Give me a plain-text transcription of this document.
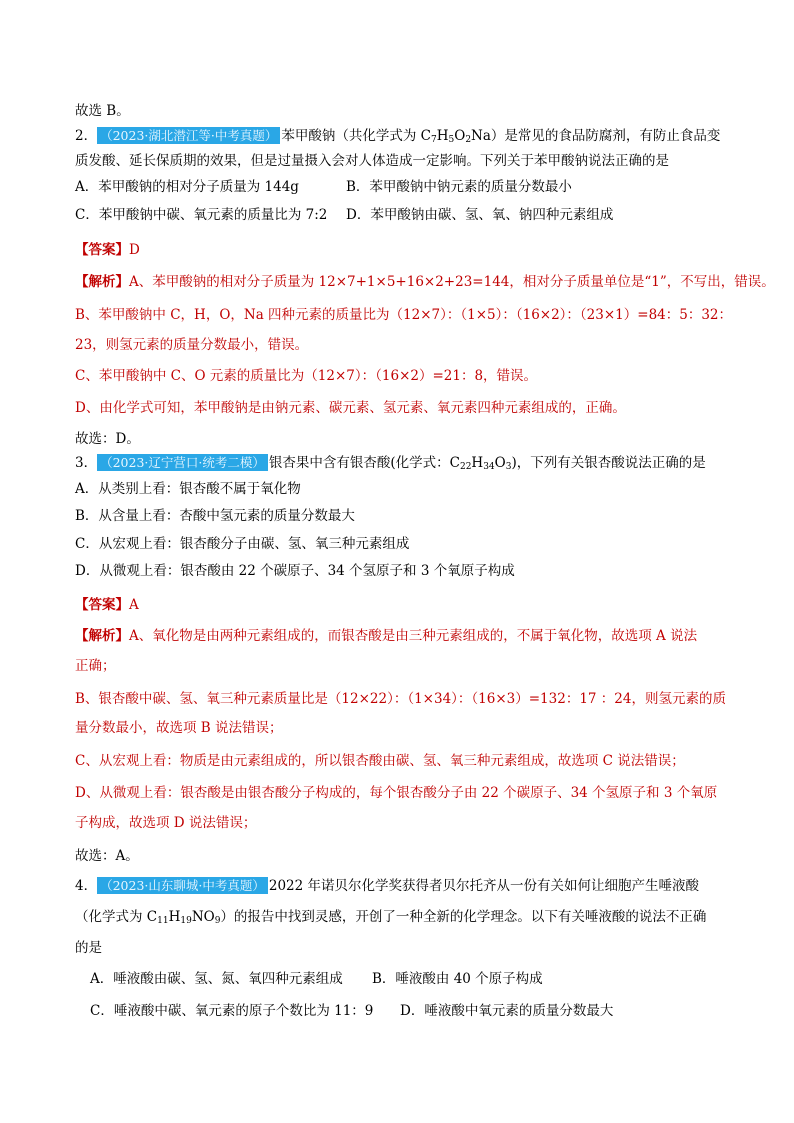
故选 B。
2． （2023·湖北潜江等·中考真题） 苯甲酸钠（共化学式为 $C_7H_5O_2Na$）是常见的食品防腐剂，有防止食品变
质发酸、延长保质期的效果，但是过量摄入会对人体造成一定影响。下列关于苯甲酸钠说法正确的是
A．苯甲酸钠的相对分子质量为 144g	B．苯甲酸钠中钠元素的质量分数最小
C．苯甲酸钠中碳、氧元素的质量比为 7:2 D．苯甲酸钠由碳、氢、氧、钠四种元素组成
【答案】D
【解析】A、苯甲酸钠的相对分子质量为 12×7+1×5+16×2+23=144，相对分子质量单位是“1”，不写出，错误。
B、苯甲酸钠中 C，H，O，Na 四种元素的质量比为（12×7）：（1×5）：（16×2）：（23×1）=84：5：32：
23，则氢元素的质量分数最小，错误。
C、苯甲酸钠中 C、O 元素的质量比为（12×7）：（16×2）=21：8，错误。
D、由化学式可知，苯甲酸钠是由钠元素、碳元素、氢元素、氧元素四种元素组成的，正确。
故选：D。
3． （2023·辽宁营口·统考二模） 银杏果中含有银杏酸(化学式：$C_{22}H_{34}O_3$)，下列有关银杏酸说法正确的是
A．从类别上看：银杏酸不属于氧化物
B．从含量上看：杏酸中氢元素的质量分数最大
C．从宏观上看：银杏酸分子由碳、氢、氧三种元素组成
D．从微观上看：银杏酸由 22 个碳原子、34 个氢原子和 3 个氧原子构成
【答案】A
【解析】A、氧化物是由两种元素组成的，而银杏酸是由三种元素组成的，不属于氧化物，故选项 A 说法
正确；
B、银杏酸中碳、氢、氧三种元素质量比是（12×22）：（1×34）：（16×3）=132：17 ：24，则氢元素的质
量分数最小，故选项 B 说法错误；
C、从宏观上看：物质是由元素组成的，所以银杏酸由碳、氢、氧三种元素组成，故选项 C 说法错误；
D、从微观上看：银杏酸是由银杏酸分子构成的，每个银杏酸分子由 22 个碳原子、34 个氢原子和 3 个氧原
子构成，故选项 D 说法错误；
故选：A。
4． （2023·山东聊城·中考真题） 2022 年诺贝尔化学奖获得者贝尔托齐从一份有关如何让细胞产生唾液酸
（化学式为 $C_{11}H_{19}NO_9$）的报告中找到灵感，开创了一种全新的化学理念。以下有关唾液酸的说法不正确
的是
A．唾液酸由碳、氢、氮、氧四种元素组成 B．唾液酸由 40 个原子构成
C．唾液酸中碳、氧元素的原子个数比为 11：9 D．唾液酸中氧元素的质量分数最大
